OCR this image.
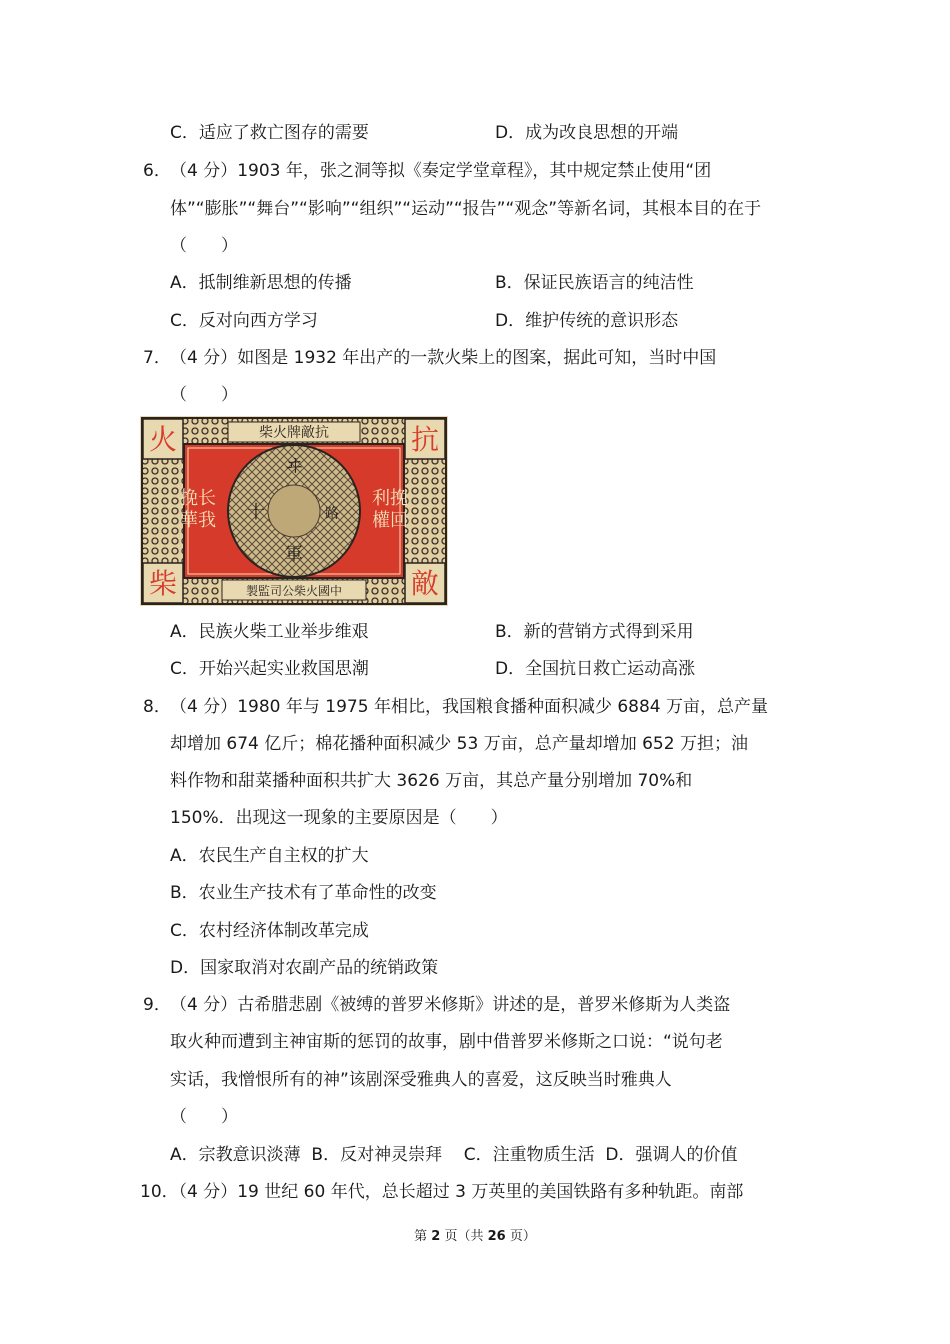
C．适应了救亡图存的需要	D．成为改良思想的开端
6． （4 分）1903 年，张之洞等拟《奏定学堂章程》，其中规定禁止使用“团
体”“膨胀”“舞台”“影响”“组织”“运动”“报告”“观念”等新名词，其根本目的在于
（　　）
A．抵制维新思想的传播	B．保证民族语言的纯洁性
C．反对向西方学习	D．维护传统的意识形态
7． （4 分）如图是 1932 年出产的一款火柴上的图案，据此可知，当时中国
（　　）
柴火牌敵抗
製監司公柴火國中
火	抗
柴	敵
挽长
華我
利挽
權回
ヰ
十	路
軍
A．民族火柴工业举步维艰	B．新的营销方式得到采用
C．开始兴起实业救国思潮	D．全国抗日救亡运动高涨
8． （4 分）1980 年与 1975 年相比，我国粮食播种面积减少 6884 万亩，总产量
却增加 674 亿斤；棉花播种面积减少 53 万亩，总产量却增加 652 万担；油
料作物和甜菜播种面积共扩大 3626 万亩，其总产量分别增加 70%和
150%．出现这一现象的主要原因是（　　）
A．农民生产自主权的扩大
B．农业生产技术有了革命性的改变
C．农村经济体制改革完成
D．国家取消对农副产品的统销政策
9． （4 分）古希腊悲剧《被缚的普罗米修斯》讲述的是，普罗米修斯为人类盗
取火种而遭到主神宙斯的惩罚的故事，剧中借普罗米修斯之口说：“说句老
实话，我憎恨所有的神”该剧深受雅典人的喜爱，这反映当时雅典人
（　　）
A．宗教意识淡薄  B．反对神灵崇拜    C．注重物质生活  D．强调人的价值
10．
（4 分）19 世纪 60 年代，总长超过 3 万英里的美国铁路有多种轨距。南部
第 2 页（共 26 页）
